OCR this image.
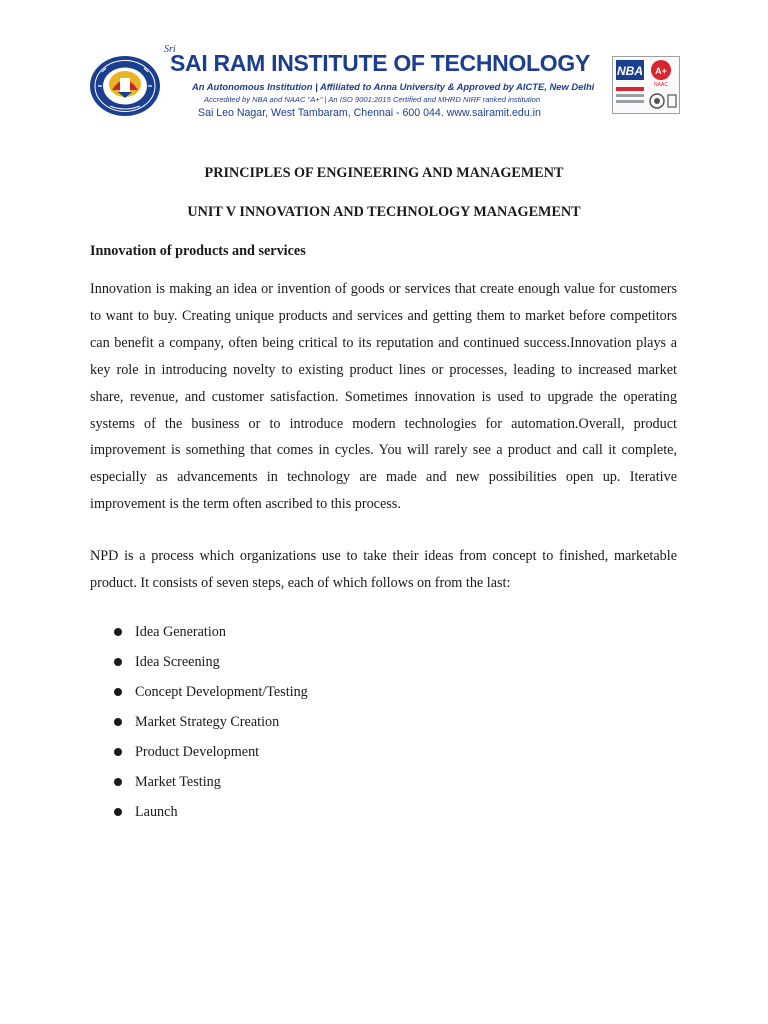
Sri
SAI RAM INSTITUTE OF TECHNOLOGY
An Autonomous Institution | Affiliated to Anna University & Approved by AICTE, New Delhi
Accredited by NBA and NAAC "A+" | An ISO 9001:2015 Certified and MHRD NIRF ranked institution
Sai Leo Nagar, West Tambaram, Chennai - 600 044. www.sairamit.edu.in
NBA A+
NAAC
PRINCIPLES OF ENGINEERING AND MANAGEMENT
UNIT V INNOVATION AND TECHNOLOGY MANAGEMENT
Innovation of products and services

Innovation is making an idea or invention of goods or services that create enough value for customers to want to buy. Creating unique products and services and getting them to market before competitors can benefit a company, often being critical to its reputation and continued success.Innovation plays a key role in introducing novelty to existing product lines or processes, leading to increased market share, revenue, and customer satisfaction. Sometimes innovation is used to upgrade the operating systems of the business or to introduce modern technologies for automation.Overall, product improvement is something that comes in cycles. You will rarely see a product and call it complete, especially as advancements in technology are made and new possibilities open up. Iterative improvement is the term often ascribed to this process.

NPD is a process which organizations use to take their ideas from concept to finished, marketable product. It consists of seven steps, each of which follows on from the last:

Idea Generation
Idea Screening
Concept Development/Testing
Market Strategy Creation
Product Development
Market Testing
Launch
